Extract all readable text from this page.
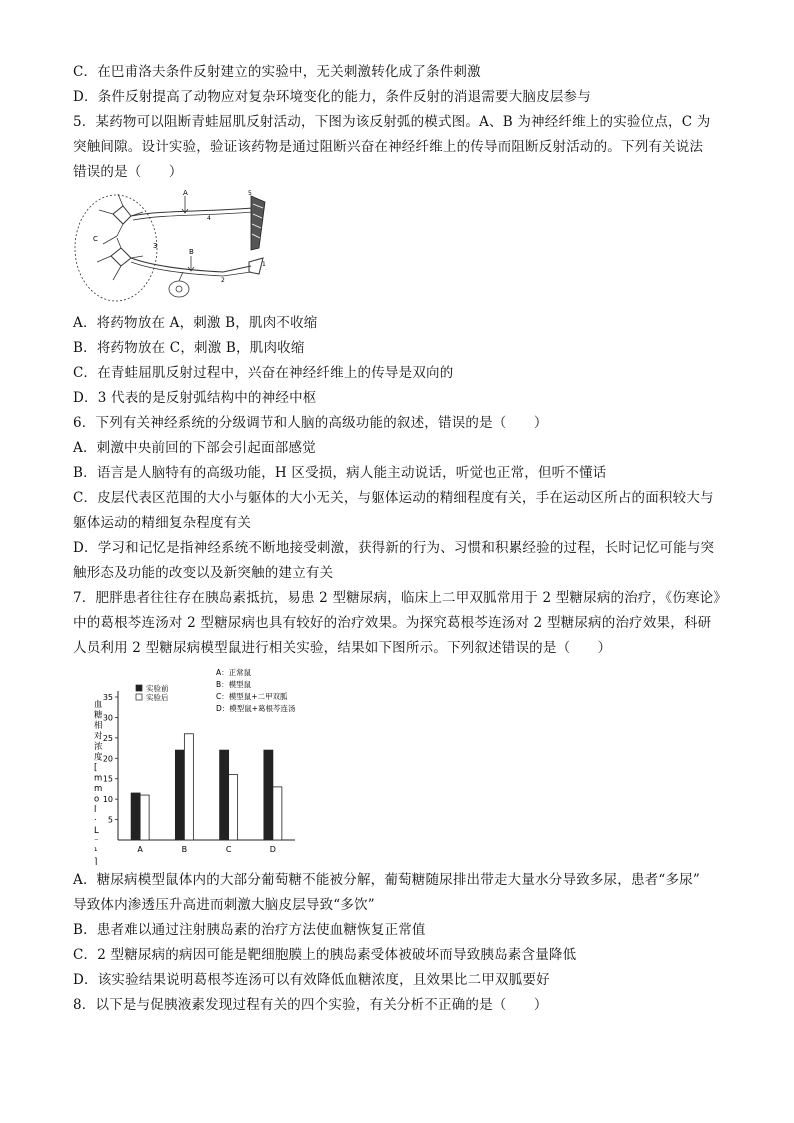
C．在巴甫洛夫条件反射建立的实验中，无关刺激转化成了条件刺激
D．条件反射提高了动物应对复杂环境变化的能力，条件反射的消退需要大脑皮层参与
5．某药物可以阻断青蛙屈肌反射活动，下图为该反射弧的模式图。A、B 为神经纤维上的实验位点，C 为
突触间隙。设计实验，验证该药物是通过阻断兴奋在神经纤维上的传导而阻断反射活动的。下列有关说法
错误的是（　　）
A
B
C
1
2
3
4
5
A．将药物放在 A，刺激 B，肌肉不收缩
B．将药物放在 C，刺激 B，肌肉收缩
C．在青蛙屈肌反射过程中，兴奋在神经纤维上的传导是双向的
D．3 代表的是反射弧结构中的神经中枢
6．下列有关神经系统的分级调节和人脑的高级功能的叙述，错误的是（　　）
A．刺激中央前回的下部会引起面部感觉
B．语言是人脑特有的高级功能，H 区受损，病人能主动说话，听觉也正常，但听不懂话
C．皮层代表区范围的大小与躯体的大小无关，与躯体运动的精细程度有关，手在运动区所占的面积较大与
躯体运动的精细复杂程度有关
D．学习和记忆是指神经系统不断地接受刺激，获得新的行为、习惯和积累经验的过程，长时记忆可能与突
触形态及功能的改变以及新突触的建立有关
7．肥胖患者往往存在胰岛素抵抗，易患 2 型糖尿病，临床上二甲双胍常用于 2 型糖尿病的治疗，《伤寒论》
中的葛根芩连汤对 2 型糖尿病也具有较好的治疗效果。为探究葛根芩连汤对 2 型糖尿病的治疗效果，科研
人员利用 2 型糖尿病模型鼠进行相关实验，结果如下图所示。下列叙述错误的是（　　）
血
糖
相
对
浓
度
[
m
m
o
l
·
L
⁻
¹
]
5
10
15
20
25
30
35
A	B	C	D
实验前
实验后
A：正常鼠
B：模型鼠
C：模型鼠+二甲双胍
D：模型鼠+葛根芩连汤
A．糖尿病模型鼠体内的大部分葡萄糖不能被分解，葡萄糖随尿排出带走大量水分导致多尿，患者“多尿”
导致体内渗透压升高进而刺激大脑皮层导致“多饮”
B．患者难以通过注射胰岛素的治疗方法使血糖恢复正常值
C．2 型糖尿病的病因可能是靶细胞膜上的胰岛素受体被破坏而导致胰岛素含量降低
D．该实验结果说明葛根芩连汤可以有效降低血糖浓度，且效果比二甲双胍要好
8．以下是与促胰液素发现过程有关的四个实验，有关分析不正确的是（　　）
